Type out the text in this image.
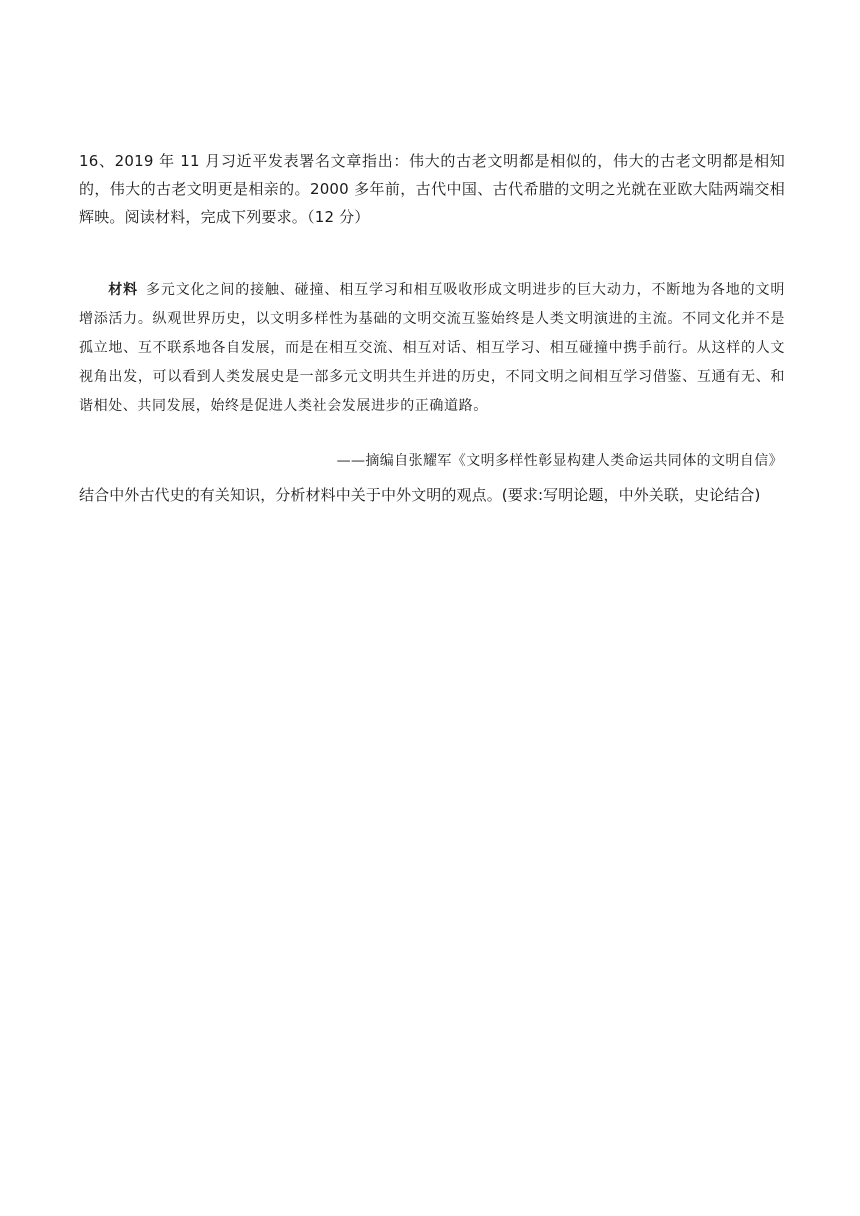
16、2019 年 11 月习近平发表署名文章指出：伟大的古老文明都是相似的，伟大的古老文明都是相知的，伟大的古老文明更是相亲的。2000 多年前，古代中国、古代希腊的文明之光就在亚欧大陆两端交相辉映。阅读材料，完成下列要求。（12 分）
材料 多元文化之间的接触、碰撞、相互学习和相互吸收形成文明进步的巨大动力，不断地为各地的文明增添活力。纵观世界历史，以文明多样性为基础的文明交流互鉴始终是人类文明演进的主流。不同文化并不是孤立地、互不联系地各自发展，而是在相互交流、相互对话、相互学习、相互碰撞中携手前行。从这样的人文视角出发，可以看到人类发展史是一部多元文明共生并进的历史，不同文明之间相互学习借鉴、互通有无、和谐相处、共同发展，始终是促进人类社会发展进步的正确道路。
——摘编自张耀军《文明多样性彰显构建人类命运共同体的文明自信》
结合中外古代史的有关知识，分析材料中关于中外文明的观点。(要求:写明论题，中外关联，史论结合)
